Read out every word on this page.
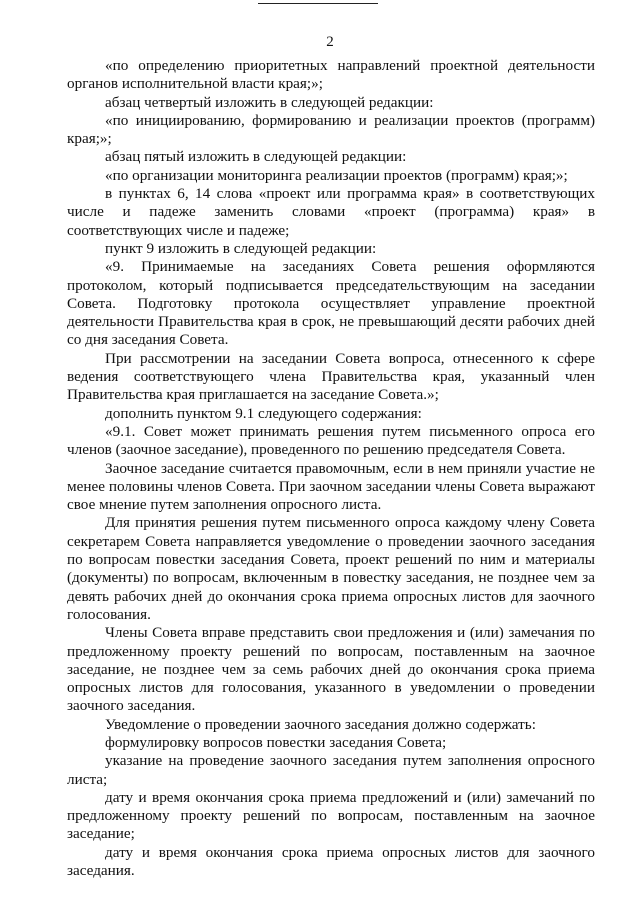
2

«по определению приоритетных направлений проектной деятельности органов исполнительной власти края;»;

абзац четвертый изложить в следующей редакции:

«по инициированию, формированию и реализации проектов (программ) края;»;

абзац пятый изложить в следующей редакции:

«по организации мониторинга реализации проектов (программ) края;»;

в пунктах 6, 14 слова «проект или программа края» в соответствующих числе и падеже заменить словами «проект (программа) края» в соответствующих числе и падеже;

пункт 9 изложить в следующей редакции:

«9. Принимаемые на заседаниях Совета решения оформляются протоколом, который подписывается председательствующим на заседании Совета. Подготовку протокола осуществляет управление проектной деятельности Правительства края в срок, не превышающий десяти рабочих дней со дня заседания Совета.

При рассмотрении на заседании Совета вопроса, отнесенного к сфере ведения соответствующего члена Правительства края, указанный член Правительства края приглашается на заседание Совета.»;

дополнить пунктом 9.1 следующего содержания:

«9.1. Совет может принимать решения путем письменного опроса его членов (заочное заседание), проведенного по решению председателя Совета.

Заочное заседание считается правомочным, если в нем приняли участие не менее половины членов Совета. При заочном заседании члены Совета выражают свое мнение путем заполнения опросного листа.

Для принятия решения путем письменного опроса каждому члену Совета секретарем Совета направляется уведомление о проведении заочного заседания по вопросам повестки заседания Совета, проект решений по ним и материалы (документы) по вопросам, включенным в повестку заседания, не позднее чем за девять рабочих дней до окончания срока приема опросных листов для заочного голосования.

Члены Совета вправе представить свои предложения и (или) замечания по предложенному проекту решений по вопросам, поставленным на заочное заседание, не позднее чем за семь рабочих дней до окончания срока приема опросных листов для голосования, указанного в уведомлении о проведении заочного заседания.

Уведомление о проведении заочного заседания должно содержать:

формулировку вопросов повестки заседания Совета;

указание на проведение заочного заседания путем заполнения опросного листа;

дату и время окончания срока приема предложений и (или) замечаний по предложенному проекту решений по вопросам, поставленным на заочное заседание;

дату и время окончания срока приема опросных листов для заочного заседания.
